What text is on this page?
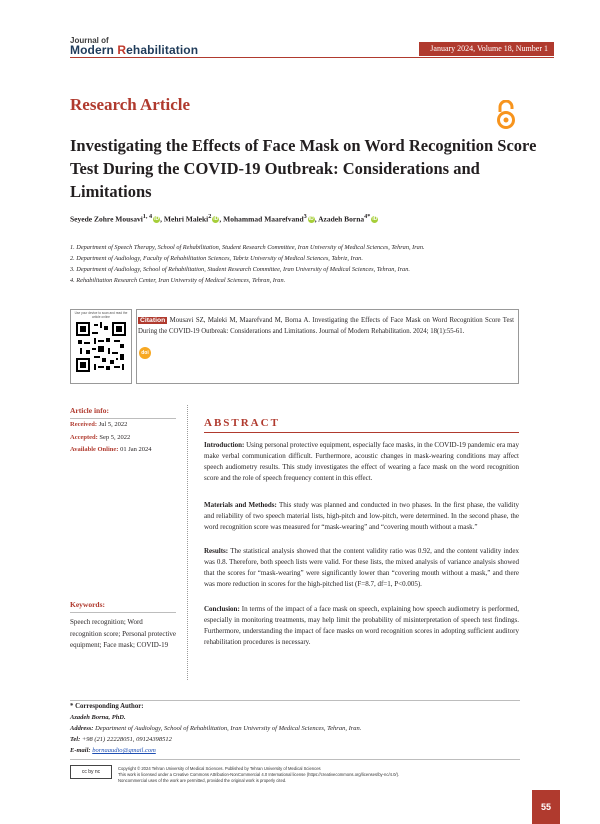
Journal of
Modern Rehabilitation	January 2024, Volume 18, Number 1
Research Article
Investigating the Effects of Face Mask on Word Recognition Score Test During the COVID-19 Outbreak: Considerations and Limitations
Seyede Zohre Mousavi$^{1, 4}$ iD, Mehri Maleki$^2$ iD, Mohammad Maarefvand$^3$ iD, Azadeh Borna$^{4*}$ iD
1. Department of Speech Therapy, School of Rehabilitation, Student Research Committee, Iran University of Medical Sciences, Tehran, Iran.
2. Department of Audiology, Faculty of Rehabilitation Sciences, Tabriz University of Medical Sciences, Tabriz, Iran.
3. Department of Audiology, School of Rehabilitation, Student Research Committee, Iran University of Medical Sciences, Tehran, Iran.
4. Rehabilitation Research Center, Iran University of Medical Sciences, Tehran, Iran.
Use your device to scan and read the article online	Citation Mousavi SZ, Maleki M, Maarefvand M, Borna A. Investigating the Effects of Face Mask on Word Recognition Score Test During the COVID-19 Outbreak: Considerations and Limitations. Journal of Modern Rehabilitation. 2024; 18(1):55-61.
doi
Article info:
Received: Jul 5, 2022
Accepted: Sep 5, 2022
Available Online: 01 Jan 2024
Keywords:
Speech recognition; Word recognition score; Personal protective equipment; Face mask; COVID-19
ABSTRACT
Introduction: Using personal protective equipment, especially face masks, in the COVID-19 pandemic era may make verbal communication difficult. Furthermore, acoustic changes in mask-wearing conditions may affect speech audiometry results. This study investigates the effect of wearing a face mask on the word recognition score and the role of speech frequency content in this effect.
Materials and Methods: This study was planned and conducted in two phases. In the first phase, the validity and reliability of two speech material lists, high-pitch and low-pitch, were determined. In the second phase, the word recognition score was measured for “mask-wearing” and “covering mouth without a mask.”
Results: The statistical analysis showed that the content validity ratio was 0.92, and the content validity index was 0.8. Therefore, both speech lists were valid. For these lists, the mixed analysis of variance analysis showed that the scores for “mask-wearing” were significantly lower than “covering mouth without a mask,” and there was more reduction in scores for the high-pitched list (F=8.7, df=1, P<0.005).
Conclusion: In terms of the impact of a face mask on speech, explaining how speech audiometry is performed, especially in monitoring treatments, may help limit the probability of misinterpretation of speech test findings. Furthermore, understanding the impact of face masks on word recognition scores in adopting sufficient auditory rehabilitation procedures is necessary.
* Corresponding Author:
Azadeh Borna, PhD.
Address: Department of Audiology, School of Rehabilitation, Iran University of Medical Sciences, Tehran, Iran.
Tel: +98 (21) 22228051, 09124398512
E-mail: bornaaudio@gmail.com
cc by nc
Copyright © 2024 Tehran University of Medical Sciences. Published by Tehran University of Medical Sciences
This work is licensed under a Creative Commons Attribution-NonCommercial 4.0 International license (https://creativecommons.org/licenses/by-nc/4.0/).
Noncommercial uses of the work are permitted, provided the original work is properly cited.
55
